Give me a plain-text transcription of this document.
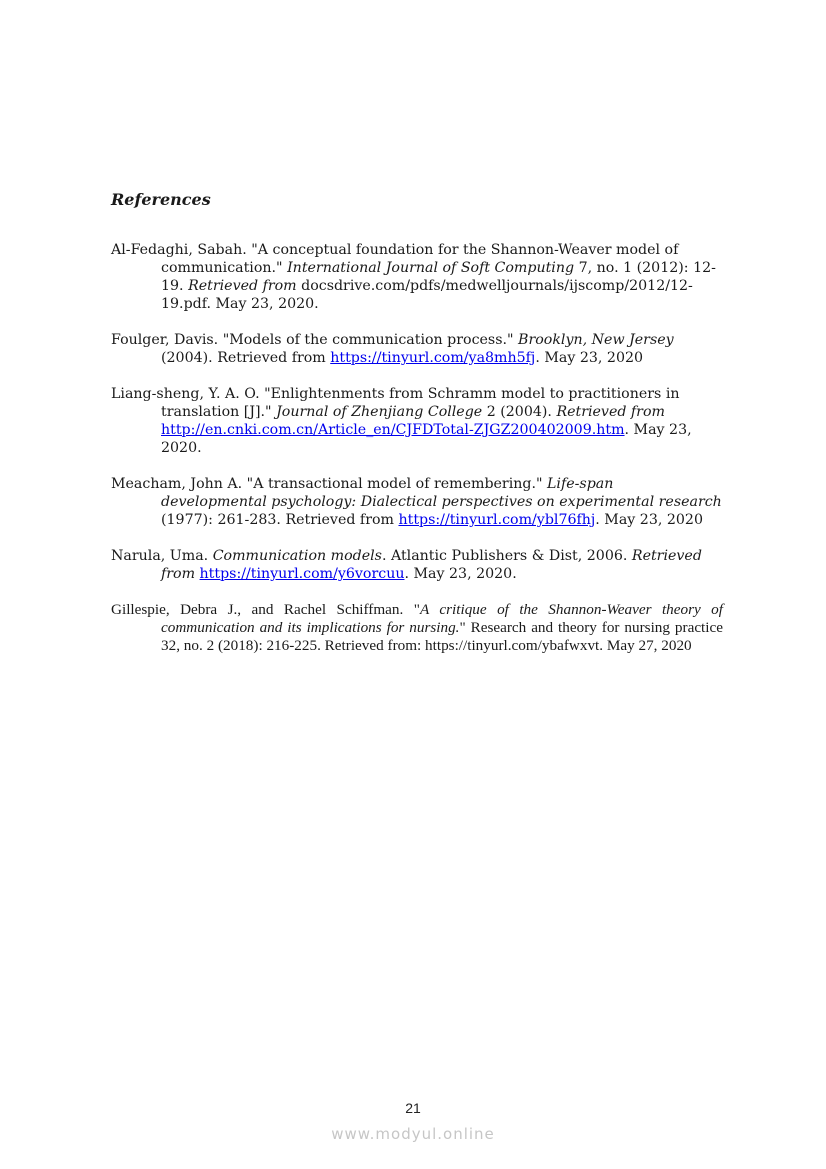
References

Al-Fedaghi, Sabah. "A conceptual foundation for the Shannon-Weaver model of communication." International Journal of Soft Computing 7, no. 1 (2012): 12-19. Retrieved from docsdrive.com/pdfs/medwelljournals/ijscomp/2012/12-19.pdf. May 23, 2020.

Foulger, Davis. "Models of the communication process." Brooklyn, New Jersey (2004). Retrieved from https://tinyurl.com/ya8mh5fj. May 23, 2020

Liang-sheng, Y. A. O. "Enlightenments from Schramm model to practitioners in translation [J]." Journal of Zhenjiang College 2 (2004). Retrieved from http://en.cnki.com.cn/Article_en/CJFDTotal-ZJGZ200402009.htm. May 23, 2020.

Meacham, John A. "A transactional model of remembering." Life-span developmental psychology: Dialectical perspectives on experimental research (1977): 261-283. Retrieved from https://tinyurl.com/ybl76fhj. May 23, 2020

Narula, Uma. Communication models. Atlantic Publishers & Dist, 2006. Retrieved from https://tinyurl.com/y6vorcuu. May 23, 2020.

Gillespie, Debra J., and Rachel Schiffman. "A critique of the Shannon-Weaver theory of communication and its implications for nursing." Research and theory for nursing practice 32, no. 2 (2018): 216-225. Retrieved from: https://tinyurl.com/ybafwxvt. May 27, 2020

21
www.modyul.online
